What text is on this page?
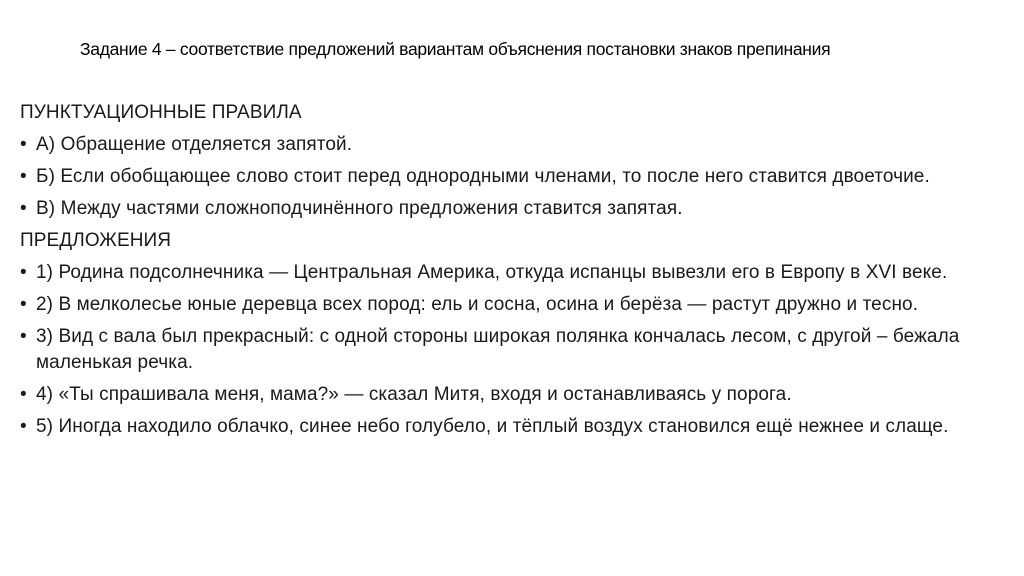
Задание 4 – соответствие предложений вариантам объяснения постановки знаков препинания
ПУНКТУАЦИОННЫЕ ПРАВИЛА
• А) Обращение отделяется запятой.
• Б) Если обобщающее слово стоит перед однородными членами, то после него ставится двоеточие.
• В) Между частями сложноподчинённого предложения ставится запятая.
ПРЕДЛОЖЕНИЯ
• 1) Родина подсолнечника — Центральная Америка, откуда испанцы вывезли его в Европу в XVI веке.
• 2) В мелколесье юные деревца всех пород: ель и сосна, осина и берёза — растут дружно и тесно.
• 3) Вид с вала был прекрасный: с одной стороны широкая полянка кончалась лесом, с другой – бежала маленькая речка.
• 4) «Ты спрашивала меня, мама?» — сказал Митя, входя и останавливаясь у порога.
• 5) Иногда находило облачко, синее небо голубело, и тёплый воздух становился ещё нежнее и слаще.
